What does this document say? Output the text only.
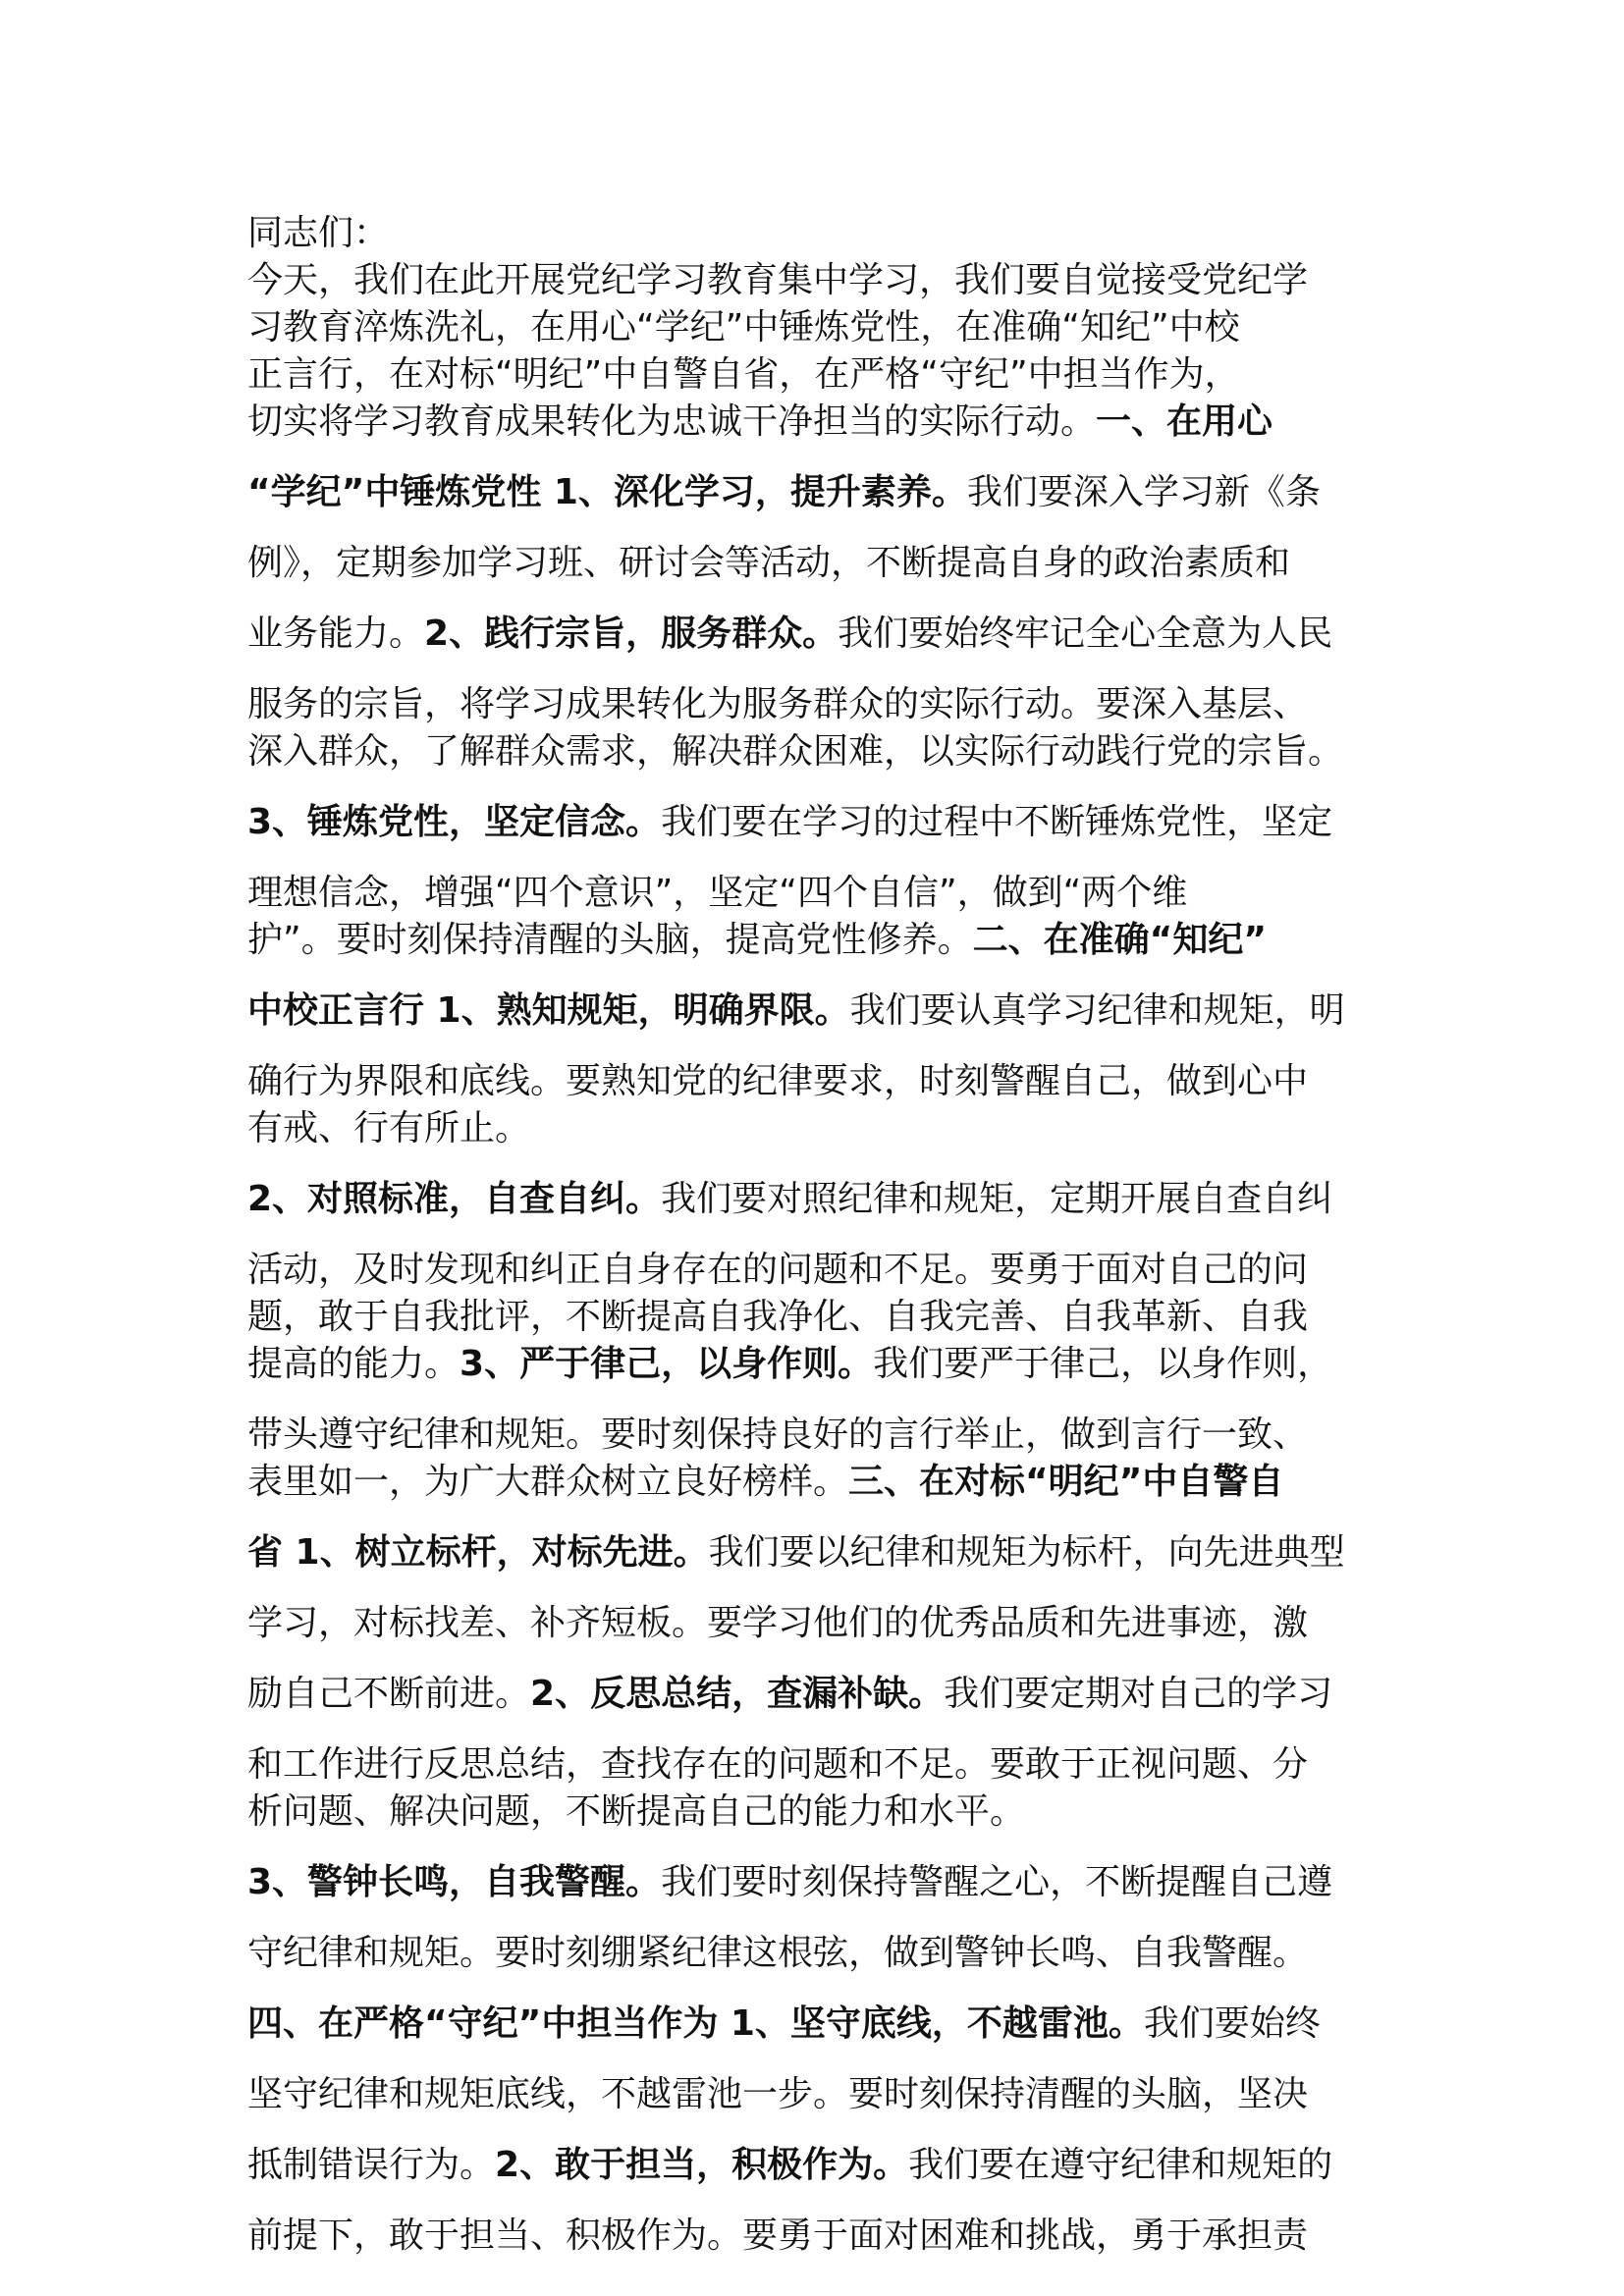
同志们：
今天，我们在此开展党纪学习教育集中学习，我们要自觉接受党纪学
习教育淬炼洗礼，在用心“学纪”中锤炼党性，在准确“知纪”中校
正言行，在对标“明纪”中自警自省，在严格“守纪”中担当作为，
切实将学习教育成果转化为忠诚干净担当的实际行动。一、在用心
“学纪”中锤炼党性 1、深化学习，提升素养。我们要深入学习新《条
例》，定期参加学习班、研讨会等活动，不断提高自身的政治素质和
业务能力。2、践行宗旨，服务群众。我们要始终牢记全心全意为人民
服务的宗旨，将学习成果转化为服务群众的实际行动。要深入基层、
深入群众，了解群众需求，解决群众困难，以实际行动践行党的宗旨。
3、锤炼党性，坚定信念。我们要在学习的过程中不断锤炼党性，坚定
理想信念，增强“四个意识”，坚定“四个自信”，做到“两个维
护”。要时刻保持清醒的头脑，提高党性修养。二、在准确“知纪”
中校正言行 1、熟知规矩，明确界限。我们要认真学习纪律和规矩，明
确行为界限和底线。要熟知党的纪律要求，时刻警醒自己，做到心中
有戒、行有所止。
2、对照标准，自查自纠。我们要对照纪律和规矩，定期开展自查自纠
活动，及时发现和纠正自身存在的问题和不足。要勇于面对自己的问
题，敢于自我批评，不断提高自我净化、自我完善、自我革新、自我
提高的能力。3、严于律己，以身作则。我们要严于律己，以身作则，
带头遵守纪律和规矩。要时刻保持良好的言行举止，做到言行一致、
表里如一，为广大群众树立良好榜样。三、在对标“明纪”中自警自
省 1、树立标杆，对标先进。我们要以纪律和规矩为标杆，向先进典型
学习，对标找差、补齐短板。要学习他们的优秀品质和先进事迹，激
励自己不断前进。2、反思总结，查漏补缺。我们要定期对自己的学习
和工作进行反思总结，查找存在的问题和不足。要敢于正视问题、分
析问题、解决问题，不断提高自己的能力和水平。
3、警钟长鸣，自我警醒。我们要时刻保持警醒之心，不断提醒自己遵
守纪律和规矩。要时刻绷紧纪律这根弦，做到警钟长鸣、自我警醒。
四、在严格“守纪”中担当作为 1、坚守底线，不越雷池。我们要始终
坚守纪律和规矩底线，不越雷池一步。要时刻保持清醒的头脑，坚决
抵制错误行为。2、敢于担当，积极作为。我们要在遵守纪律和规矩的
前提下，敢于担当、积极作为。要勇于面对困难和挑战，勇于承担责
